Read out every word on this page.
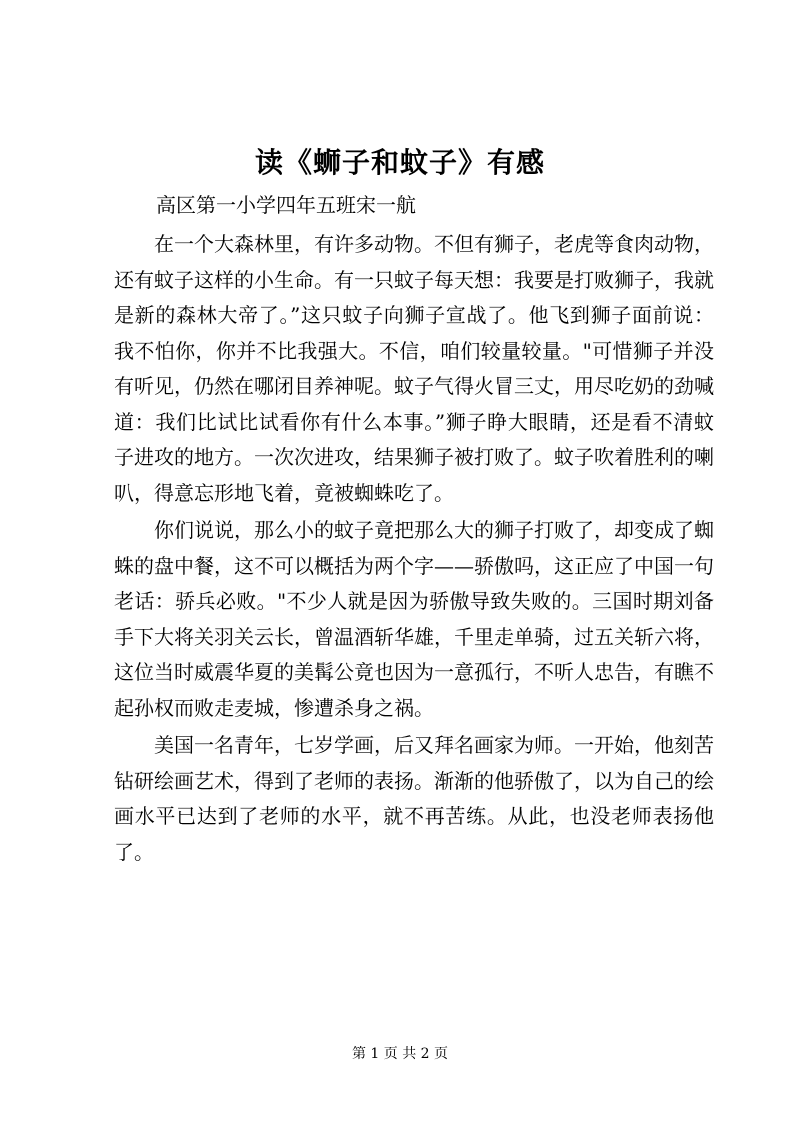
读《蛳子和蚊子》有感
高区第一小学四年五班宋一航

在一个大森林里，有许多动物。不但有狮子，老虎等食肉动物，还有蚊子这样的小生命。有一只蚊子每天想：我要是打败狮子，我就是新的森林大帝了。”这只蚊子向狮子宣战了。他飞到狮子面前说：我不怕你，你并不比我强大。不信，咱们较量较量。"可惜狮子并没有听见，仍然在哪闭目养神呢。蚊子气得火冒三丈，用尽吃奶的劲喊道：我们比试比试看你有什么本事。”狮子睁大眼睛，还是看不清蚊子进攻的地方。一次次进攻，结果狮子被打败了。蚊子吹着胜利的喇叭，得意忘形地飞着，竟被蜘蛛吃了。

你们说说，那么小的蚊子竟把那么大的狮子打败了，却变成了蜘蛛的盘中餐，这不可以概括为两个字——骄傲吗，这正应了中国一句老话：骄兵必败。"不少人就是因为骄傲导致失败的。三国时期刘备手下大将关羽关云长，曾温酒斩华雄，千里走单骑，过五关斩六将，这位当时威震华夏的美髯公竟也因为一意孤行，不听人忠告，有瞧不起孙权而败走麦城，惨遭杀身之祸。

美国一名青年，七岁学画，后又拜名画家为师。一开始，他刻苦钻研绘画艺术，得到了老师的表扬。渐渐的他骄傲了，以为自己的绘画水平已达到了老师的水平，就不再苦练。从此，也没老师表扬他了。

第 1 页 共 2 页
